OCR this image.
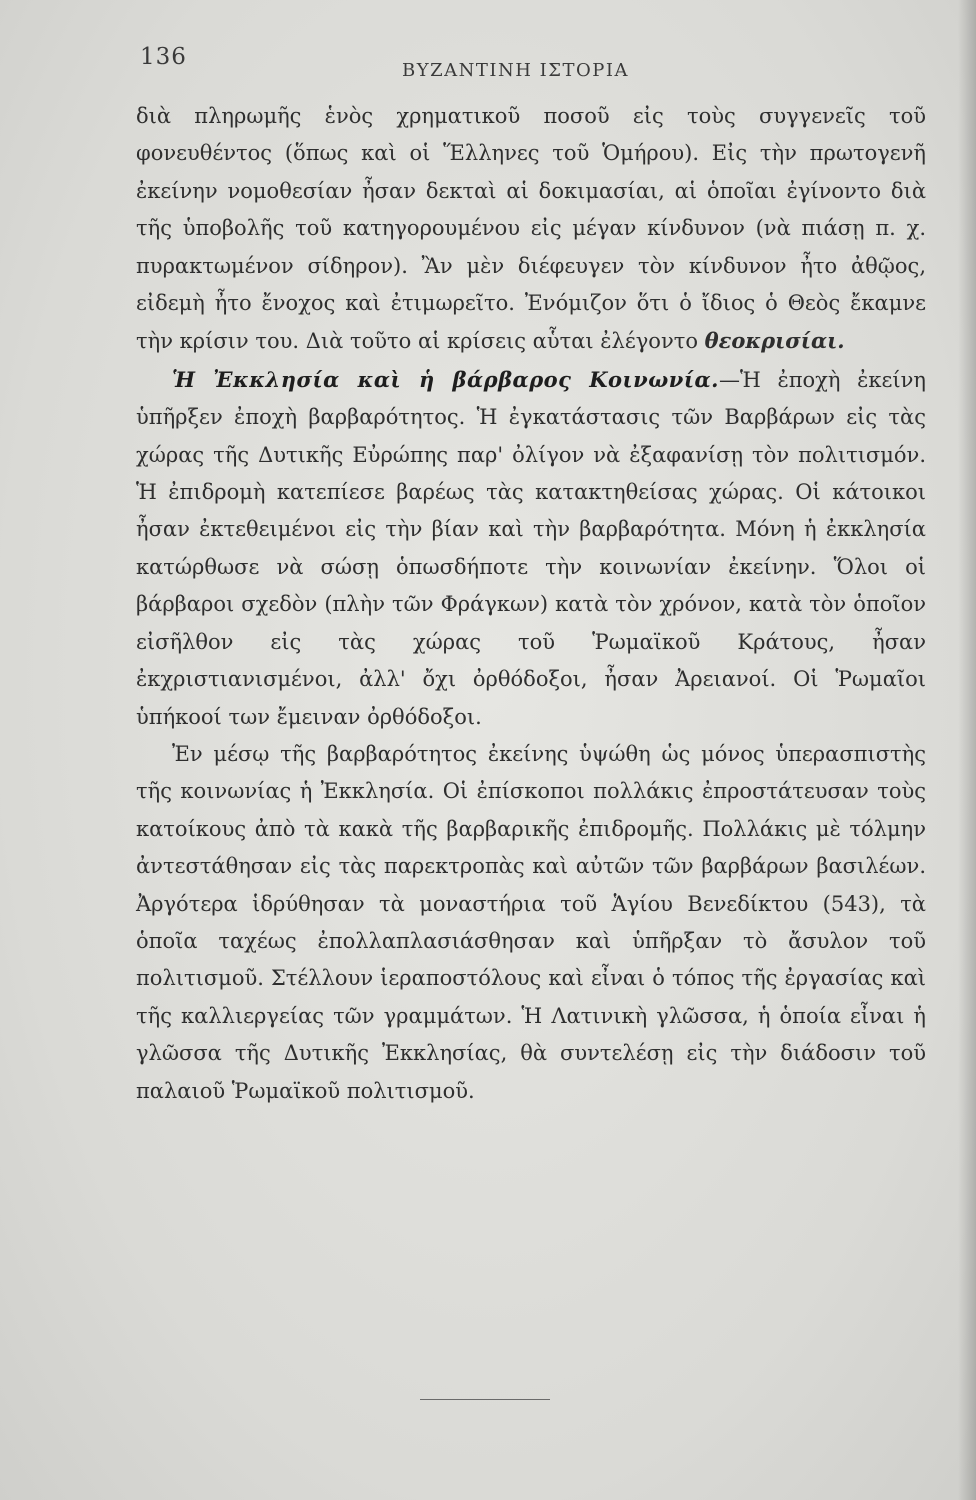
136
ΒΥΖΑΝΤΙΝΗ ΙΣΤΟΡΙΑ

διὰ πληρωμῆς ἑνὸς χρηματικοῦ ποσοῦ εἰς τοὺς συγγενεῖς τοῦ φονευθέντος (ὅπως καὶ οἱ Ἕλληνες τοῦ Ὁμήρου). Εἰς τὴν πρωτογενῆ ἐκείνην νομοθεσίαν ἦσαν δεκταὶ αἱ δοκιμασίαι, αἱ ὁποῖαι ἐγίνοντο διὰ τῆς ὑποβολῆς τοῦ κατηγορουμένου εἰς μέγαν κίνδυνον (νὰ πιάσῃ π. χ. πυρακτωμένον σίδηρον). Ἂν μὲν διέφευγεν τὸν κίνδυνον ἦτο ἀθῷος, εἰδεμὴ ἦτο ἔνοχος καὶ ἐτιμωρεῖτο. Ἐνόμιζον ὅτι ὁ ἴδιος ὁ Θεὸς ἔκαμνε τὴν κρίσιν του. Διὰ τοῦτο αἱ κρίσεις αὗται ἐλέγοντο θεοκρισίαι.

Ἡ Ἐκκλησία καὶ ἡ βάρβαρος Κοινωνία.—Ἡ ἐποχὴ ἐκείνη ὑπῆρξεν ἐποχὴ βαρβαρότητος. Ἡ ἐγκατάστασις τῶν Βαρβάρων εἰς τὰς χώρας τῆς Δυτικῆς Εὐρώπης παρ' ὀλίγον νὰ ἐξαφανίσῃ τὸν πολιτισμόν. Ἡ ἐπιδρομὴ κατεπίεσε βαρέως τὰς κατακτηθείσας χώρας. Οἱ κάτοικοι ἦσαν ἐκτεθειμένοι εἰς τὴν βίαν καὶ τὴν βαρβαρότητα. Μόνη ἡ ἐκκλησία κατώρθωσε νὰ σώσῃ ὁπωσδήποτε τὴν κοινωνίαν ἐκείνην. Ὅλοι οἱ βάρβαροι σχεδὸν (πλὴν τῶν Φράγκων) κατὰ τὸν χρόνον, κατὰ τὸν ὁποῖον εἰσῆλθον εἰς τὰς χώρας τοῦ Ῥωμαϊκοῦ Κράτους, ἦσαν ἐκχριστιανισμένοι, ἀλλ' ὄχι ὀρθόδοξοι, ἦσαν Ἀρειανοί. Οἱ Ῥωμαῖοι ὑπήκοοί των ἔμειναν ὀρθόδοξοι.

Ἐν μέσῳ τῆς βαρβαρότητος ἐκείνης ὑψώθη ὡς μόνος ὑπερασπιστὴς τῆς κοινωνίας ἡ Ἐκκλησία. Οἱ ἐπίσκοποι πολλάκις ἐπροστάτευσαν τοὺς κατοίκους ἀπὸ τὰ κακὰ τῆς βαρβαρικῆς ἐπιδρομῆς. Πολλάκις μὲ τόλμην ἀντεστάθησαν εἰς τὰς παρεκτροπὰς καὶ αὐτῶν τῶν βαρβάρων βασιλέων. Ἀργότερα ἱδρύθησαν τὰ μοναστήρια τοῦ Ἁγίου Βενεδίκτου (543), τὰ ὁποῖα ταχέως ἐπολλαπλασιάσθησαν καὶ ὑπῆρξαν τὸ ἄσυλον τοῦ πολιτισμοῦ. Στέλλουν ἱεραποστόλους καὶ εἶναι ὁ τόπος τῆς ἐργασίας καὶ τῆς καλλιεργείας τῶν γραμμάτων. Ἡ Λατινικὴ γλῶσσα, ἡ ὁποία εἶναι ἡ γλῶσσα τῆς Δυτικῆς Ἐκκλησίας, θὰ συντελέσῃ εἰς τὴν διάδοσιν τοῦ παλαιοῦ Ῥωμαϊκοῦ πολιτισμοῦ.
